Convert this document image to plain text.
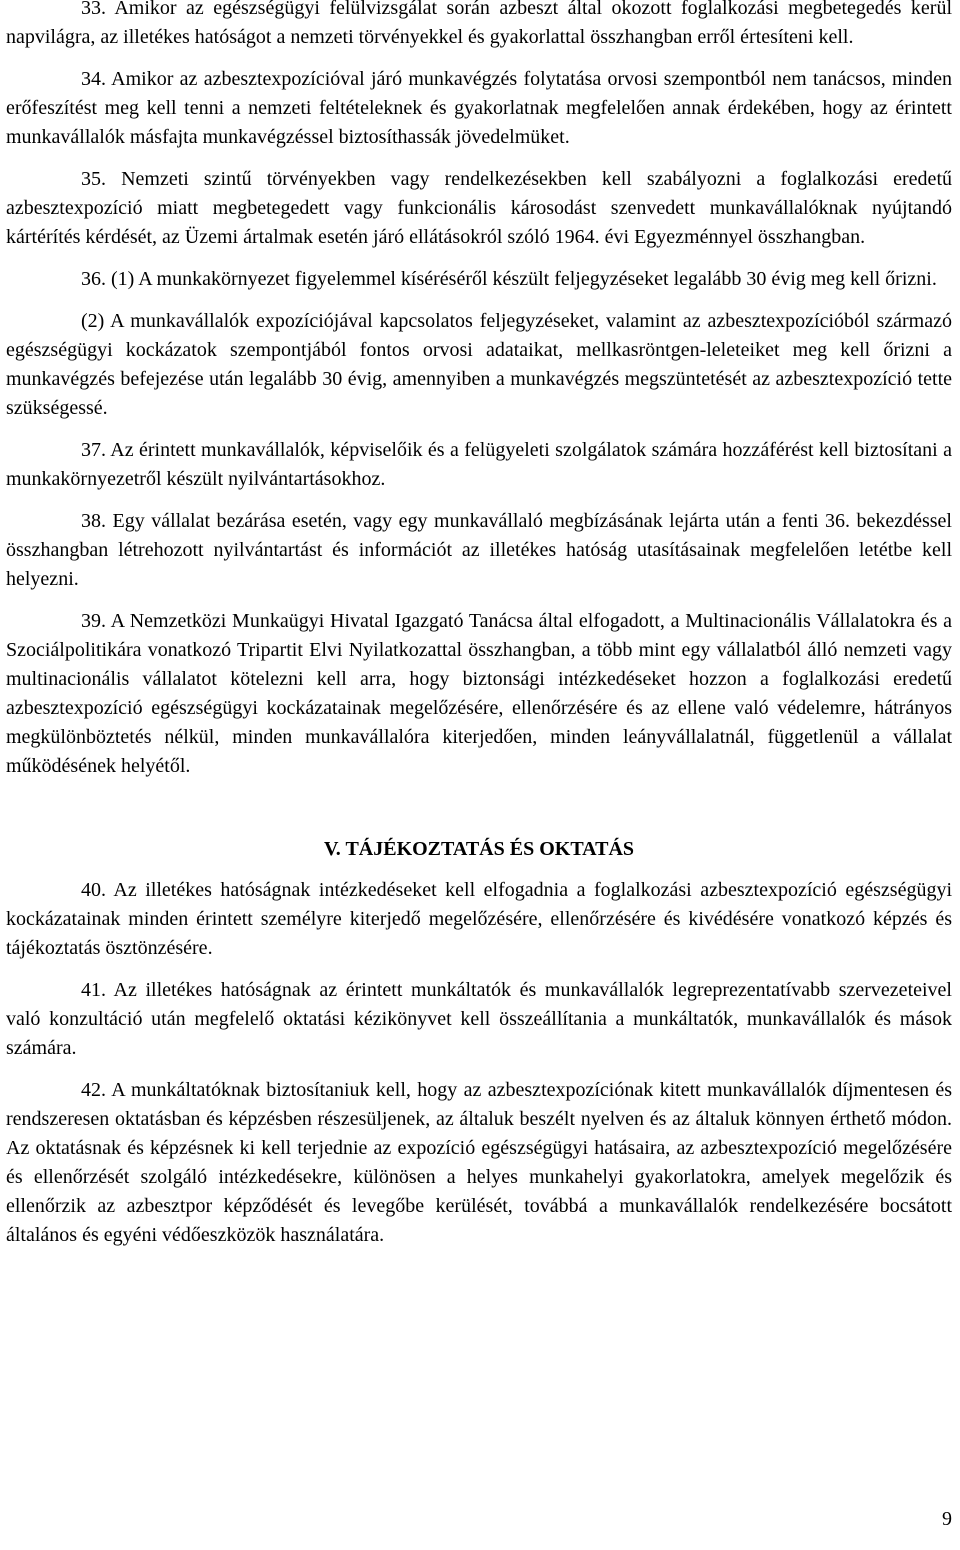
33. Amikor az egészségügyi felülvizsgálat során azbeszt által okozott foglalkozási megbetegedés kerül napvilágra, az illetékes hatóságot a nemzeti törvényekkel és gyakorlattal összhangban erről értesíteni kell.

34. Amikor az azbesztexpozícióval járó munkavégzés folytatása orvosi szempontból nem tanácsos, minden erőfeszítést meg kell tenni a nemzeti feltételeknek és gyakorlatnak megfelelően annak érdekében, hogy az érintett munkavállalók másfajta munkavégzéssel biztosíthassák jövedelmüket.

35. Nemzeti szintű törvényekben vagy rendelkezésekben kell szabályozni a foglalkozási eredetű azbesztexpozíció miatt megbetegedett vagy funkcionális károsodást szenvedett munkavállalóknak nyújtandó kártérítés kérdését, az Üzemi ártalmak esetén járó ellátásokról szóló 1964. évi Egyezménnyel összhangban.

36. (1) A munkakörnyezet figyelemmel kíséréséről készült feljegyzéseket legalább 30 évig meg kell őrizni.

(2) A munkavállalók expozíciójával kapcsolatos feljegyzéseket, valamint az azbesztexpozícióból származó egészségügyi kockázatok szempontjából fontos orvosi adataikat, mellkasröntgen-leleteiket meg kell őrizni a munkavégzés befejezése után legalább 30 évig, amennyiben a munkavégzés megszüntetését az azbesztexpozíció tette szükségessé.

37. Az érintett munkavállalók, képviselőik és a felügyeleti szolgálatok számára hozzáférést kell biztosítani a munkakörnyezetről készült nyilvántartásokhoz.

38. Egy vállalat bezárása esetén, vagy egy munkavállaló megbízásának lejárta után a fenti 36. bekezdéssel összhangban létrehozott nyilvántartást és információt az illetékes hatóság utasításainak megfelelően letétbe kell helyezni.

39. A Nemzetközi Munkaügyi Hivatal Igazgató Tanácsa által elfogadott, a Multinacionális Vállalatokra és a Szociálpolitikára vonatkozó Tripartit Elvi Nyilatkozattal összhangban, a több mint egy vállalatból álló nemzeti vagy multinacionális vállalatot kötelezni kell arra, hogy biztonsági intézkedéseket hozzon a foglalkozási eredetű azbesztexpozíció egészségügyi kockázatainak megelőzésére, ellenőrzésére és az ellene való védelemre, hátrányos megkülönböztetés nélkül, minden munkavállalóra kiterjedően, minden leányvállalatnál, függetlenül a vállalat működésének helyétől.

V. TÁJÉKOZTATÁS ÉS OKTATÁS

40. Az illetékes hatóságnak intézkedéseket kell elfogadnia a foglalkozási azbesztexpozíció egészségügyi kockázatainak minden érintett személyre kiterjedő megelőzésére, ellenőrzésére és kivédésére vonatkozó képzés és tájékoztatás ösztönzésére.

41. Az illetékes hatóságnak az érintett munkáltatók és munkavállalók legreprezentatívabb szervezeteivel való konzultáció után megfelelő oktatási kézikönyvet kell összeállítania a munkáltatók, munkavállalók és mások számára.

42. A munkáltatóknak biztosítaniuk kell, hogy az azbesztexpozíciónak kitett munkavállalók díjmentesen és rendszeresen oktatásban és képzésben részesüljenek, az általuk beszélt nyelven és az általuk könnyen érthető módon. Az oktatásnak és képzésnek ki kell terjednie az expozíció egészségügyi hatásaira, az azbesztexpozíció megelőzésére és ellenőrzését szolgáló intézkedésekre, különösen a helyes munkahelyi gyakorlatokra, amelyek megelőzik és ellenőrzik az azbesztpor képződését és levegőbe kerülését, továbbá a munkavállalók rendelkezésére bocsátott általános és egyéni védőeszközök használatára.

9
